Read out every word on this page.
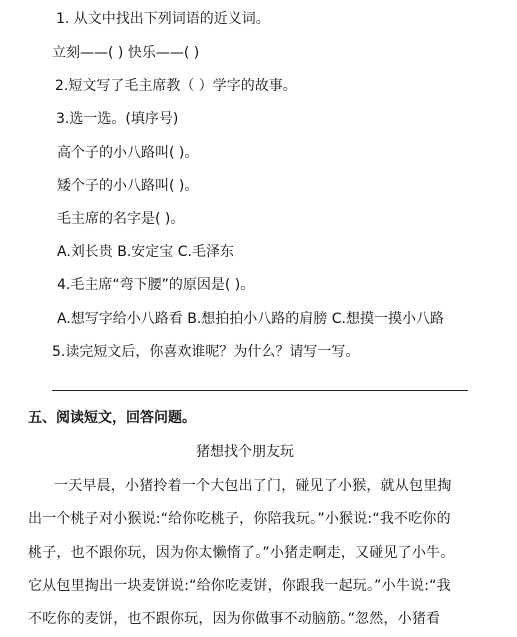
1. 从文中找出下列词语的近义词。
立刻——( ) 快乐——( )
2.短文写了毛主席教（ ）学字的故事。
3.选一选。(填序号)
高个子的小八路叫( )。
矮个子的小八路叫( )。
毛主席的名字是( )。
A.刘长贵 B.安定宝 C.毛泽东
4.毛主席“弯下腰”的原因是( )。
A.想写字给小八路看 B.想拍拍小八路的肩膀 C.想摸一摸小八路
5.读完短文后，你喜欢谁呢？为什么？请写一写。
五、阅读短文，回答问题。
猪想找个朋友玩
一天早晨，小猪拎着一个大包出了门，碰见了小猴，就从包里掏
出一个桃子对小猴说:“给你吃桃子，你陪我玩。”小猴说:“我不吃你的
桃子，也不跟你玩，因为你太懒惰了。”小猪走啊走，又碰见了小牛。
它从包里掏出一块麦饼说:“给你吃麦饼，你跟我一起玩。”小牛说:“我
不吃你的麦饼，也不跟你玩，因为你做事不动脑筋。”忽然，小猪看
